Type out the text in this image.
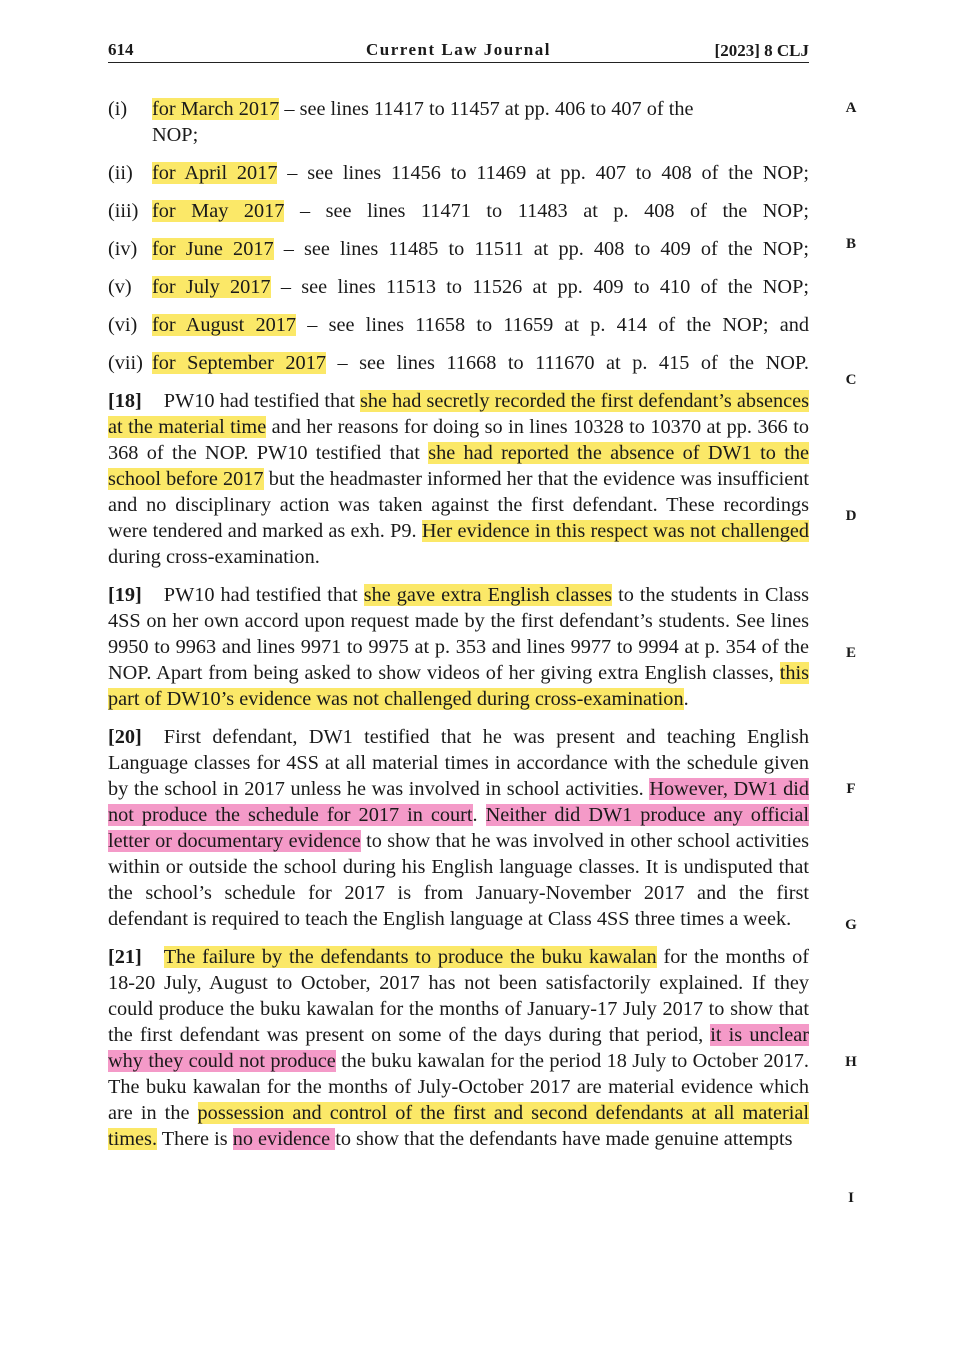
614	Current Law Journal	[2023] 8 CLJ
A
B
C
D
E
F
G
H
I
(i)	for March 2017 – see lines 11417 to 11457 at pp. 406 to 407 of the
NOP;
(ii) for April 2017 – see lines 11456 to 11469 at pp. 407 to 408 of the NOP;
(iii) for May 2017 – see lines 11471 to 11483 at p. 408 of the NOP;
(iv) for June 2017 – see lines 11485 to 11511 at pp. 408 to 409 of the NOP;
(v)	for July 2017 – see lines 11513 to 11526 at pp. 409 to 410 of the NOP;
(vi) for August 2017 – see lines 11658 to 11659 at p. 414 of the NOP; and
(vii) for September 2017 – see lines 11668 to 111670 at p. 415 of the NOP.

[18] PW10 had testified that she had secretly recorded the first defendant’s absences at the material time and her reasons for doing so in lines 10328 to 10370 at pp. 366 to 368 of the NOP. PW10 testified that she had reported the absence of DW1 to the school before 2017 but the headmaster informed her that the evidence was insufficient and no disciplinary action was taken against the first defendant. These recordings were tendered and marked as exh. P9. Her evidence in this respect was not challenged during cross-examination.

[19] PW10 had testified that she gave extra English classes to the students in Class 4SS on her own accord upon request made by the first defendant’s students. See lines 9950 to 9963 and lines 9971 to 9975 at p. 353 and lines 9977 to 9994 at p. 354 of the NOP. Apart from being asked to show videos of her giving extra English classes, this part of DW10’s evidence was not challenged during cross-examination.

[20] First defendant, DW1 testified that he was present and teaching English Language classes for 4SS at all material times in accordance with the schedule given by the school in 2017 unless he was involved in school activities. However, DW1 did not produce the schedule for 2017 in court. Neither did DW1 produce any official letter or documentary evidence to show that he was involved in other school activities within or outside the school during his English language classes. It is undisputed that the school’s schedule for 2017 is from January-November 2017 and the first defendant is required to teach the English language at Class 4SS three times a week.

[21] The failure by the defendants to produce the buku kawalan for the months of 18-20 July, August to October, 2017 has not been satisfactorily explained. If they could produce the buku kawalan for the months of January-17 July 2017 to show that the first defendant was present on some of the days during that period, it is unclear why they could not produce the buku kawalan for the period 18 July to October 2017. The buku kawalan for the months of July-October 2017 are material evidence which are in the possession and control of the first and second defendants at all material times. There is no evidence to show that the defendants have made genuine attempts
